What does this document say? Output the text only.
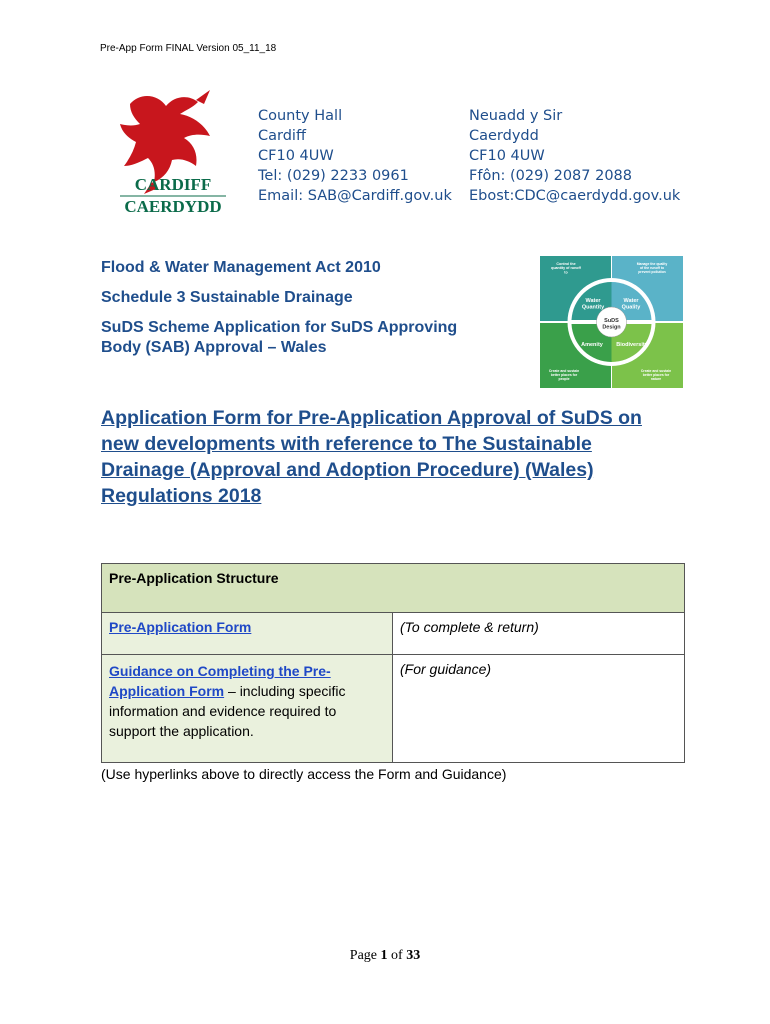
Pre-App Form FINAL Version 05_11_18
CARDIFF
CAERDYDD
County Hall
Cardiff
CF10 4UW
Tel: (029) 2233 0961
Email: SAB@Cardiff.gov.uk
Neuadd y Sir
Caerdydd
CF10 4UW
Ffôn: (029) 2087 2088
Ebost:CDC@caerdydd.gov.uk
Flood & Water Management Act 2010
Schedule 3 Sustainable Drainage
SuDS Scheme Application for SuDS Approving
Body (SAB) Approval – Wales
SuDS Design
Water Quantity
Water Quality
Amenity Biodiversity
Control the quantity of runoff to
Manage the quality of the runoff to prevent pollution
Create and sustain better places for people
Create and sustain better places for nature
Application Form for Pre-Application Approval of SuDS on
new developments with reference to The Sustainable
Drainage (Approval and Adoption Procedure) (Wales)
Regulations 2018
Pre-Application Structure	
Pre-Application Form	(To complete & return)
Guidance on Completing the Pre-
Application Form – including specific
information and evidence required to
support the application.	(For guidance)
(Use hyperlinks above to directly access the Form and Guidance)
Page 1 of 33
